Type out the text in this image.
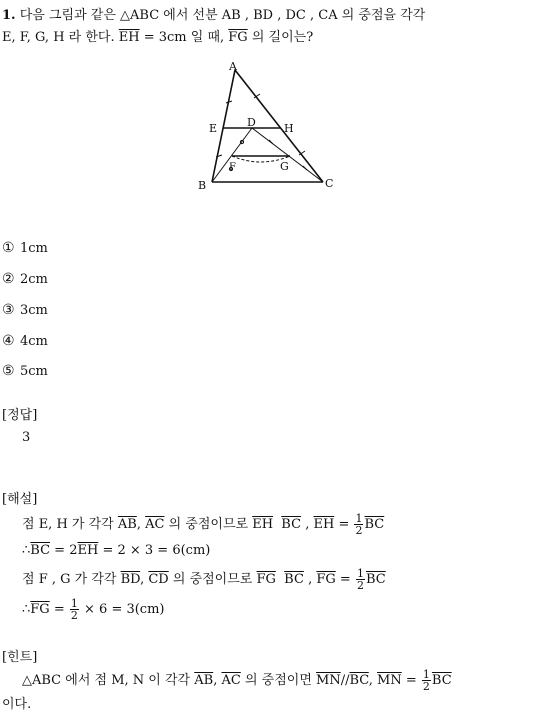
1. 다음 그림과 같은 △ABC 에서 선분 AB , BD , DC , CA 의 중점을 각각
E, F, G, H 라 한다. $\overline{EH} = 3cm$ 일 때, $\overline{FG}$ 의 길이는?
A
B	C
D
E	H
F	G
① 1cm
② 2cm
③ 3cm
④ 4cm
⑤ 5cm
[정답]
3
[해설]
점 E, H 가 각각 $\overline{AB}$, $\overline{AC}$ 의 중점이므로 $\overline{EH}$ $\overline{BC}$ , $\overline{EH} = \frac{1}{2} \overline{BC}$
$\therefore\overline{BC} = 2\overline{EH} = 2 \times 3 = 6(cm)$
점 F , G 가 각각 $\overline{BD}$, $\overline{CD}$ 의 중점이므로 $\overline{FG}$ $\overline{BC}$ , $\overline{FG} = \frac{1}{2} \overline{BC}$
$\therefore\overline{FG} = \frac{1}{2} \times 6 = 3(cm)$
[힌트]
△ABC 에서 점 M, N 이 각각 $\overline{AB}$, $\overline{AC}$ 의 중점이면 $\overline{MN}//\overline{BC}$, $\overline{MN} = \frac{1}{2} \overline{BC}$
이다.
